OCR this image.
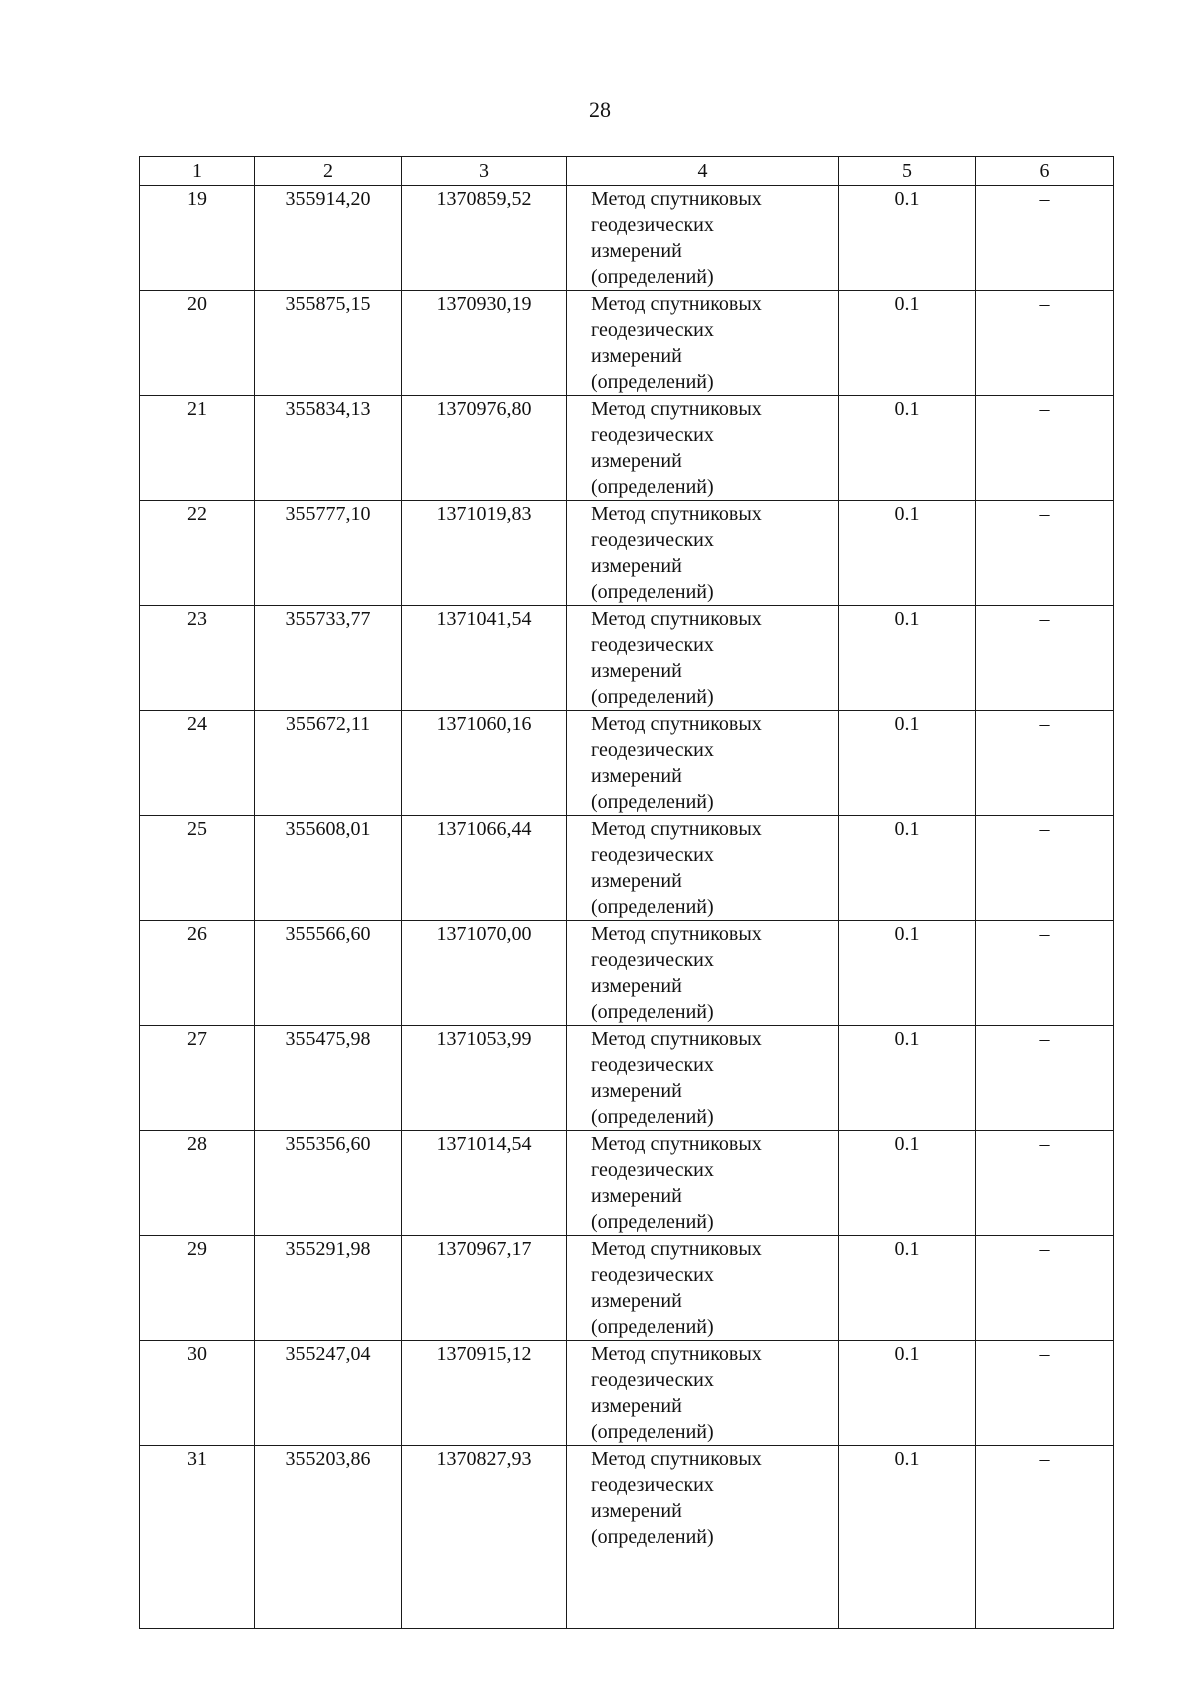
28
1	2	3	4	5	6
19	355914,20	1370859,52	Метод спутниковых
геодезических
измерений
(определений)	0.1	–
20	355875,15	1370930,19	Метод спутниковых
геодезических
измерений
(определений)	0.1	–
21	355834,13	1370976,80	Метод спутниковых
геодезических
измерений
(определений)	0.1	–
22	355777,10	1371019,83	Метод спутниковых
геодезических
измерений
(определений)	0.1	–
23	355733,77	1371041,54	Метод спутниковых
геодезических
измерений
(определений)	0.1	–
24	355672,11	1371060,16	Метод спутниковых
геодезических
измерений
(определений)	0.1	–
25	355608,01	1371066,44	Метод спутниковых
геодезических
измерений
(определений)	0.1	–
26	355566,60	1371070,00	Метод спутниковых
геодезических
измерений
(определений)	0.1	–
27	355475,98	1371053,99	Метод спутниковых
геодезических
измерений
(определений)	0.1	–
28	355356,60	1371014,54	Метод спутниковых
геодезических
измерений
(определений)	0.1	–
29	355291,98	1370967,17	Метод спутниковых
геодезических
измерений
(определений)	0.1	–
30	355247,04	1370915,12	Метод спутниковых
геодезических
измерений
(определений)	0.1	–
31	355203,86	1370827,93	Метод спутниковых
геодезических
измерений
(определений)	0.1	–
